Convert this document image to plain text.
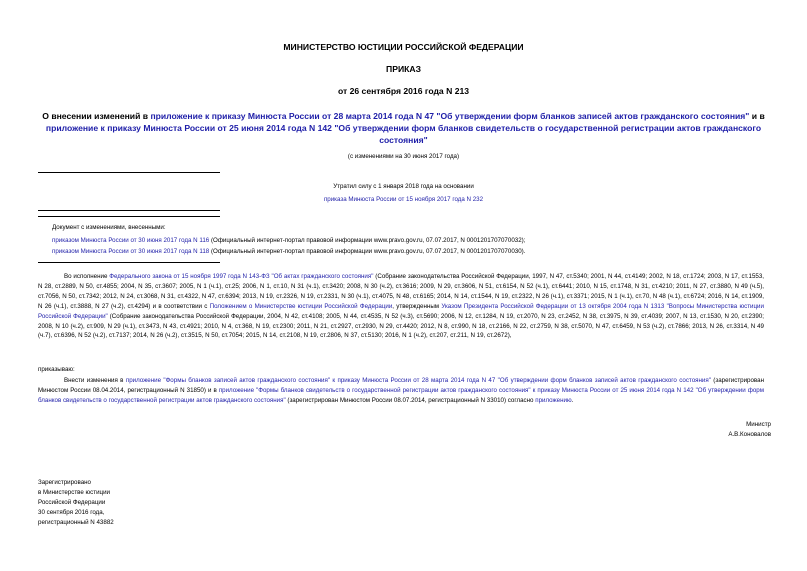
МИНИСТЕРСТВО ЮСТИЦИИ РОССИЙСКОЙ ФЕДЕРАЦИИ
ПРИКАЗ
от 26 сентября 2016 года N 213
О внесении изменений в приложение к приказу Минюста России от 28 марта 2014 года N 47 "Об утверждении форм бланков записей актов гражданского состояния" и в приложение к приказу Минюста России от 25 июня 2014 года N 142 "Об утверждении форм бланков свидетельств о государственной регистрации актов гражданского состояния"
(с изменениями на 30 июня 2017 года)
Утратил силу с 1 января 2018 года на основании
приказа Минюста России от 15 ноября 2017 года N 232
Документ с изменениями, внесенными:
приказом Минюста России от 30 июня 2017 года N 116 (Официальный интернет-портал правовой информации www.pravo.gov.ru, 07.07.2017, N 0001201707070032);
приказом Минюста России от 30 июня 2017 года N 118 (Официальный интернет-портал правовой информации www.pravo.gov.ru, 07.07.2017, N 0001201707070030).
Во исполнение Федерального закона от 15 ноября 1997 года N 143-ФЗ "Об актах гражданского состояния" (Собрание законодательства Российской Федерации, 1997, N 47, ст.5340; 2001, N 44, ст.4149; 2002, N 18, ст.1724; 2003, N 17, ст.1553, N 28, ст.2889, N 50, ст.4855; 2004, N 35, ст.3607; 2005, N 1 (ч.1), ст.25; 2006, N 1, ст.10, N 31 (ч.1), ст.3420; 2008, N 30 (ч.2), ст.3616; 2009, N 29, ст.3606, N 51, ст.6154, N 52 (ч.1), ст.6441; 2010, N 15, ст.1748, N 31, ст.4210; 2011, N 27, ст.3880, N 49 (ч.5), ст.7056, N 50, ст.7342; 2012, N 24, ст.3068, N 31, ст.4322, N 47, ст.6394; 2013, N 19, ст.2326, N 19, ст.2331, N 30 (ч.1), ст.4075, N 48, ст.6165; 2014, N 14, ст.1544, N 19, ст.2322, N 26 (ч.1), ст.3371; 2015, N 1 (ч.1), ст.70, N 48 (ч.1), ст.6724; 2016, N 14, ст.1909, N 26 (ч.1), ст.3888, N 27 (ч.2), ст.4294) и в соответствии с Положением о Министерстве юстиции Российской Федерации, утвержденным Указом Президента Российской Федерации от 13 октября 2004 года N 1313 "Вопросы Министерства юстиции Российской Федерации" (Собрание законодательства Российской Федерации, 2004, N 42, ст.4108; 2005, N 44, ст.4535, N 52 (ч.3), ст.5690; 2006, N 12, ст.1284, N 19, ст.2070, N 23, ст.2452, N 38, ст.3975, N 39, ст.4039; 2007, N 13, ст.1530, N 20, ст.2390; 2008, N 10 (ч.2), ст.909, N 29 (ч.1), ст.3473, N 43, ст.4921; 2010, N 4, ст.368, N 19, ст.2300; 2011, N 21, ст.2927, ст.2930, N 29, ст.4420; 2012, N 8, ст.990, N 18, ст.2166, N 22, ст.2759, N 38, ст.5070, N 47, ст.6459, N 53 (ч.2), ст.7866; 2013, N 26, ст.3314, N 49 (ч.7), ст.6396, N 52 (ч.2), ст.7137; 2014, N 26 (ч.2), ст.3515, N 50, ст.7054; 2015, N 14, ст.2108, N 19, ст.2806, N 37, ст.5130; 2016, N 1 (ч.2), ст.207, ст.211, N 19, ст.2672),
приказываю:
Внести изменения в приложение "Формы бланков записей актов гражданского состояния" к приказу Минюста России от 28 марта 2014 года N 47 "Об утверждении форм бланков записей актов гражданского состояния" (зарегистрирован Минюстом России 08.04.2014, регистрационный N 31850) и в приложение "Формы бланков свидетельств о государственной регистрации актов гражданского состояния" к приказу Минюста России от 25 июня 2014 года N 142 "Об утверждении форм бланков свидетельств о государственной регистрации актов гражданского состояния" (зарегистрирован Минюстом России 08.07.2014, регистрационный N 33010) согласно приложению.
Министр
А.В.Коновалов
Зарегистрировано
в Министерстве юстиции
Российской Федерации
30 сентября 2016 года,
регистрационный N 43882
